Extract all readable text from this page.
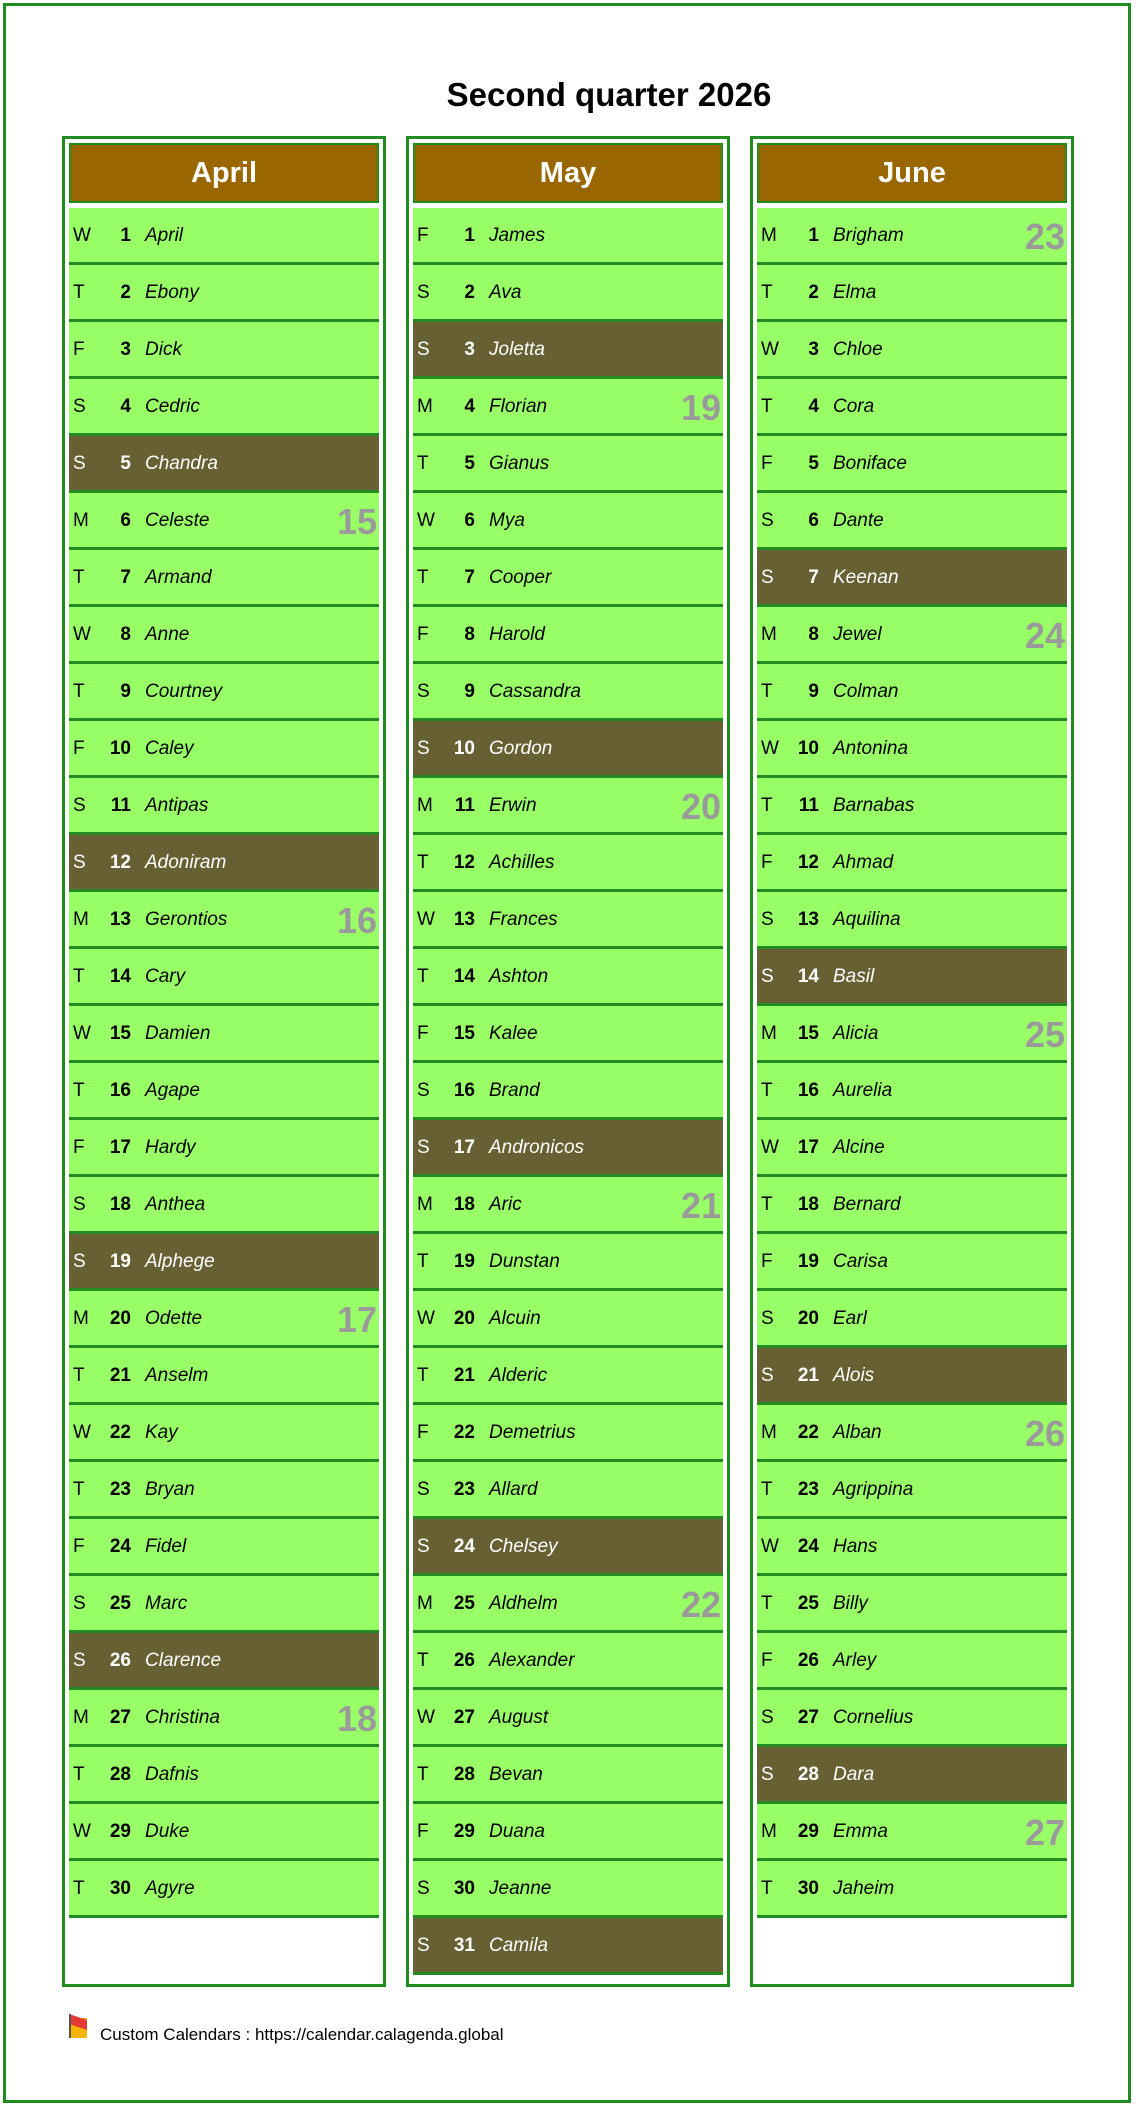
Second quarter 2026
April
W	1 April
T	2 Ebony
F	3 Dick
S	4 Cedric
S	5 Chandra
M	6 Celeste	15
T	7 Armand
W	8 Anne
T	9 Courtney
F	10 Caley
S	11 Antipas
S	12 Adoniram
M	13 Gerontios	16
T	14 Cary
W 15 Damien
T	16 Agape
F	17 Hardy
S	18 Anthea
S	19 Alphege
M	20 Odette	17
T	21 Anselm
W 22 Kay
T	23 Bryan
F	24 Fidel
S	25 Marc
S	26 Clarence
M	27 Christina	18
T	28 Dafnis
W 29 Duke
T	30 Agyre
May
F	1 James
S	2 Ava
S	3 Joletta
M	4 Florian	19
T	5 Gianus
W	6 Mya
T	7 Cooper
F	8 Harold
S	9 Cassandra
S	10 Gordon
M	11 Erwin	20
T	12 Achilles
W 13 Frances
T	14 Ashton
F	15 Kalee
S	16 Brand
S	17 Andronicos
M	18 Aric	21
T	19 Dunstan
W 20 Alcuin
T	21 Alderic
F	22 Demetrius
S	23 Allard
S	24 Chelsey
M	25 Aldhelm	22
T	26 Alexander
W 27 August
T	28 Bevan
F	29 Duana
S	30 Jeanne
S	31 Camila
June
M	1 Brigham	23
T	2 Elma
W	3 Chloe
T	4 Cora
F	5 Boniface
S	6 Dante
S	7 Keenan
M	8 Jewel	24
T	9 Colman
W 10 Antonina
T	11 Barnabas
F	12 Ahmad
S	13 Aquilina
S	14 Basil
M	15 Alicia	25
T	16 Aurelia
W 17 Alcine
T	18 Bernard
F	19 Carisa
S	20 Earl
S	21 Alois
M	22 Alban	26
T	23 Agrippina
W 24 Hans
T	25 Billy
F	26 Arley
S	27 Cornelius
S	28 Dara
M	29 Emma	27
T	30 Jaheim
Custom Calendars : https://calendar.calagenda.global
